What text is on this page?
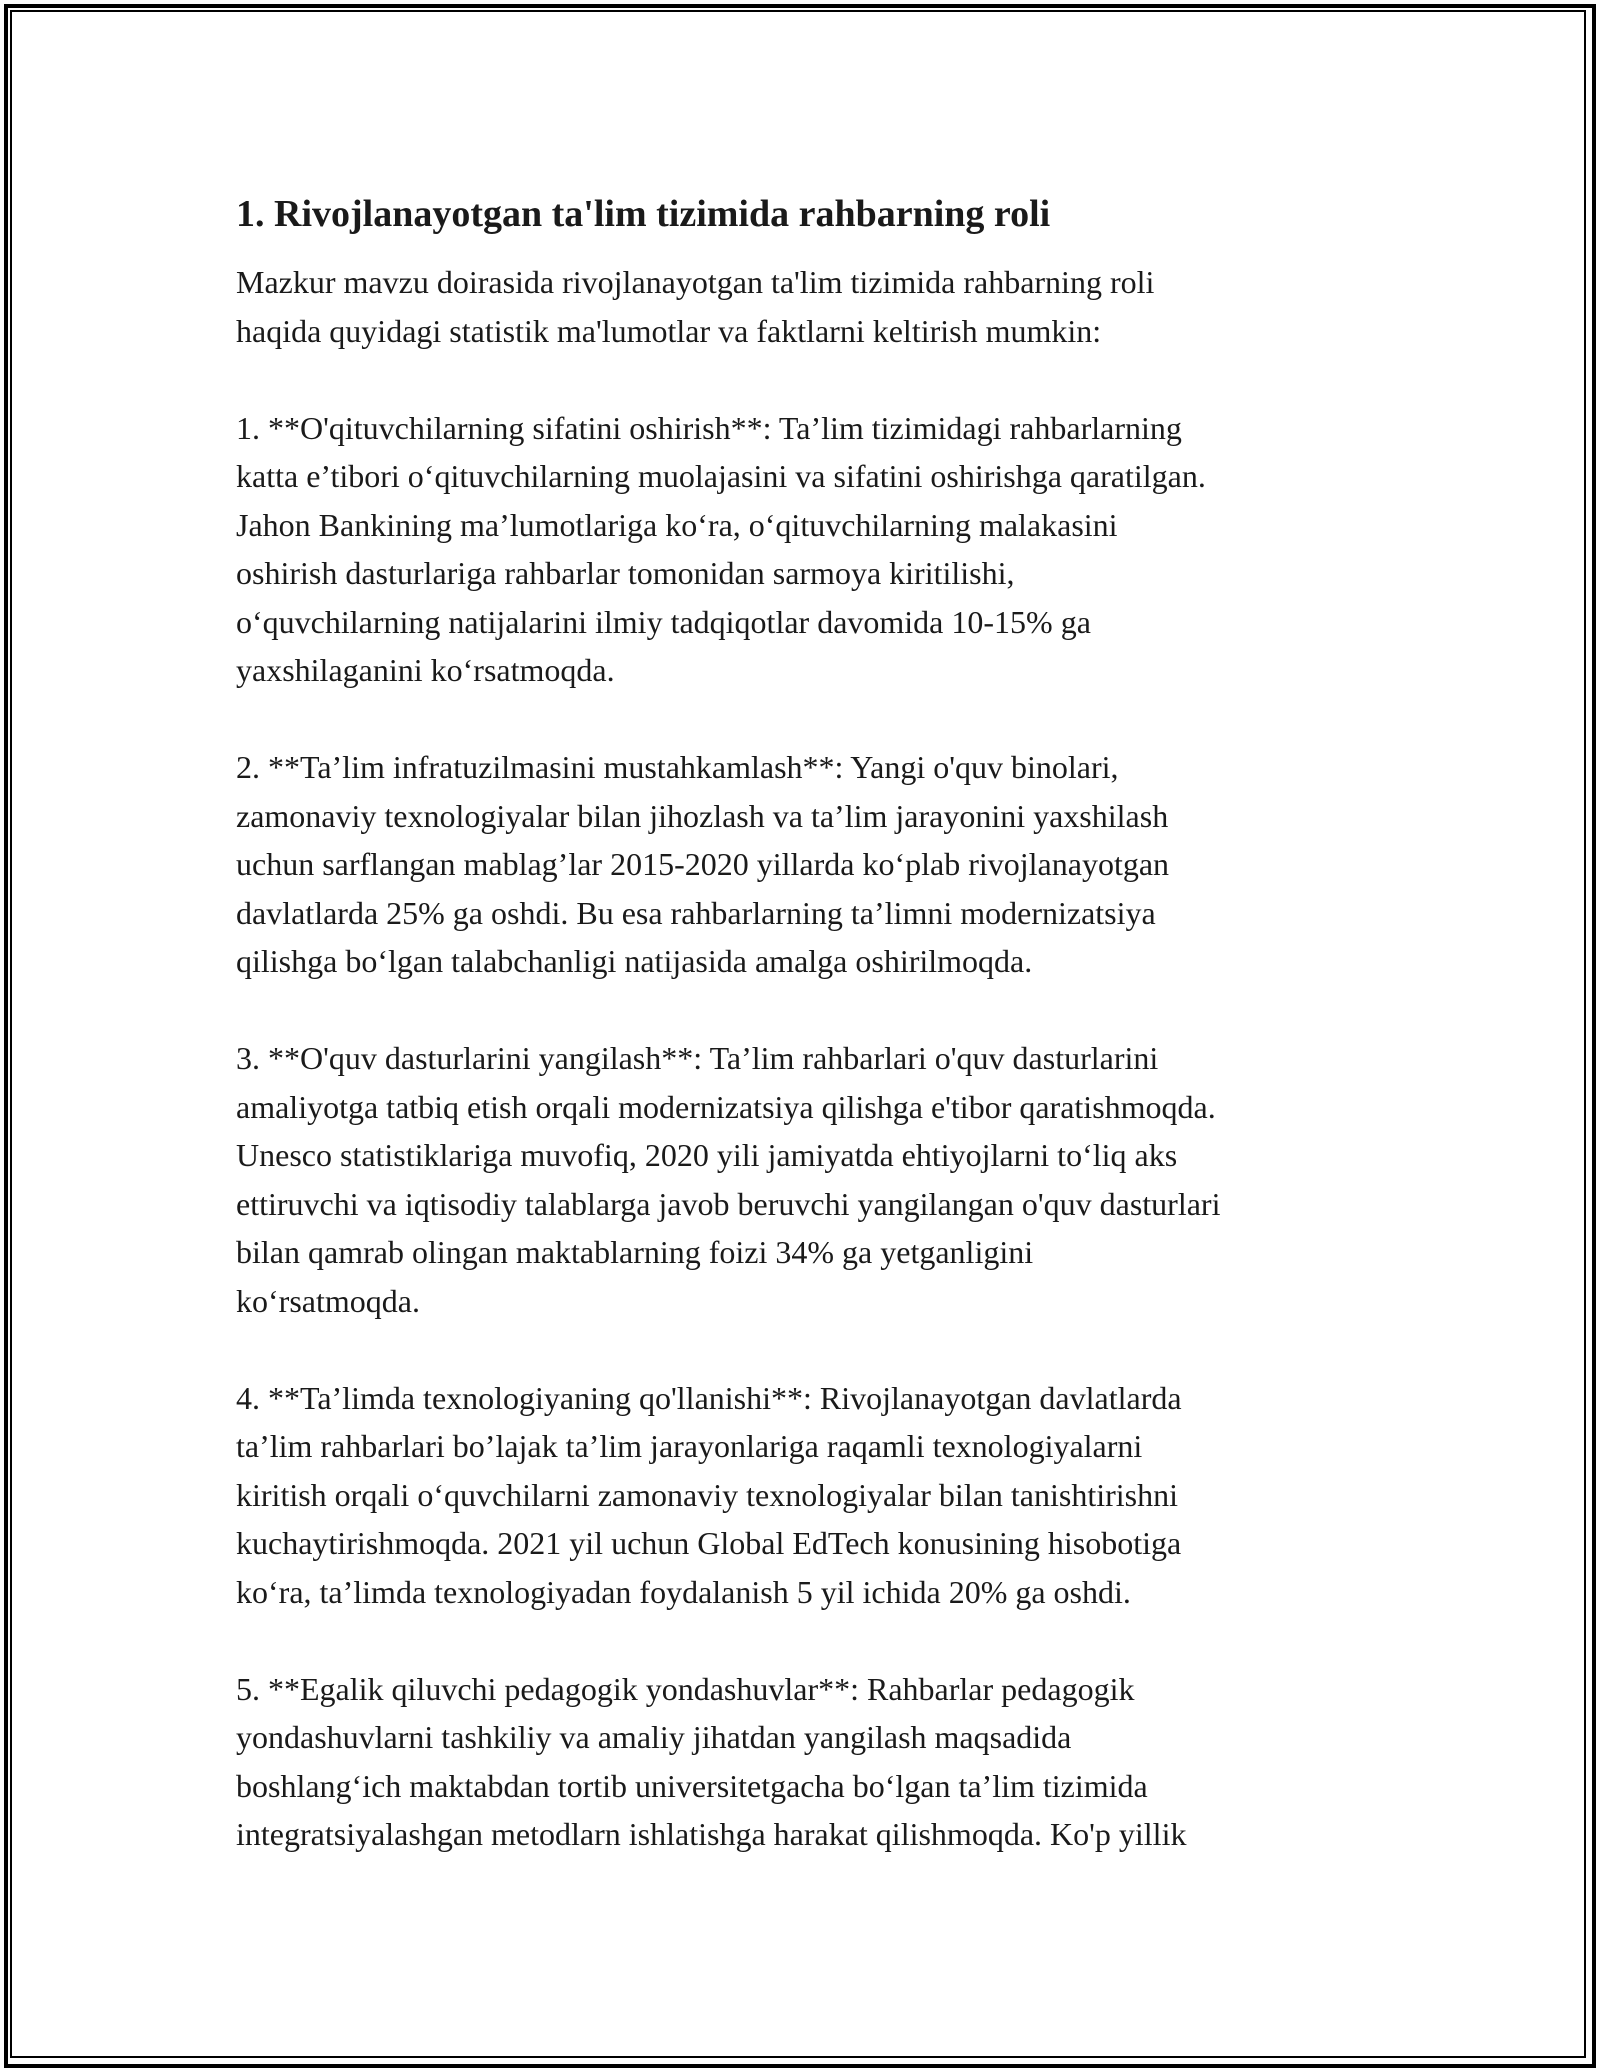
1. Rivojlanayotgan ta'lim tizimida rahbarning roli
Mazkur mavzu doirasida rivojlanayotgan ta'lim tizimida rahbarning roli
haqida quyidagi statistik ma'lumotlar va faktlarni keltirish mumkin:
1. **O'qituvchilarning sifatini oshirish**: Ta’lim tizimidagi rahbarlarning
katta e’tibori o‘qituvchilarning muolajasini va sifatini oshirishga qaratilgan.
Jahon Bankining ma’lumotlariga ko‘ra, o‘qituvchilarning malakasini
oshirish dasturlariga rahbarlar tomonidan sarmoya kiritilishi,
o‘quvchilarning natijalarini ilmiy tadqiqotlar davomida 10-15% ga
yaxshilaganini ko‘rsatmoqda.
2. **Ta’lim infratuzilmasini mustahkamlash**: Yangi o'quv binolari,
zamonaviy texnologiyalar bilan jihozlash va ta’lim jarayonini yaxshilash
uchun sarflangan mablag’lar 2015-2020 yillarda ko‘plab rivojlanayotgan
davlatlarda 25% ga oshdi. Bu esa rahbarlarning ta’limni modernizatsiya
qilishga bo‘lgan talabchanligi natijasida amalga oshirilmoqda.
3. **O'quv dasturlarini yangilash**: Ta’lim rahbarlari o'quv dasturlarini
amaliyotga tatbiq etish orqali modernizatsiya qilishga e'tibor qaratishmoqda.
Unesco statistiklariga muvofiq, 2020 yili jamiyatda ehtiyojlarni to‘liq aks
ettiruvchi va iqtisodiy talablarga javob beruvchi yangilangan o'quv dasturlari
bilan qamrab olingan maktablarning foizi 34% ga yetganligini
ko‘rsatmoqda.
4. **Ta’limda texnologiyaning qo'llanishi**: Rivojlanayotgan davlatlarda
ta’lim rahbarlari bo’lajak ta’lim jarayonlariga raqamli texnologiyalarni
kiritish orqali o‘quvchilarni zamonaviy texnologiyalar bilan tanishtirishni
kuchaytirishmoqda. 2021 yil uchun Global EdTech konusining hisobotiga
ko‘ra, ta’limda texnologiyadan foydalanish 5 yil ichida 20% ga oshdi.
5. **Egalik qiluvchi pedagogik yondashuvlar**: Rahbarlar pedagogik
yondashuvlarni tashkiliy va amaliy jihatdan yangilash maqsadida
boshlang‘ich maktabdan tortib universitetgacha bo‘lgan ta’lim tizimida
integratsiyalashgan metodlarn ishlatishga harakat qilishmoqda. Ko'p yillik
